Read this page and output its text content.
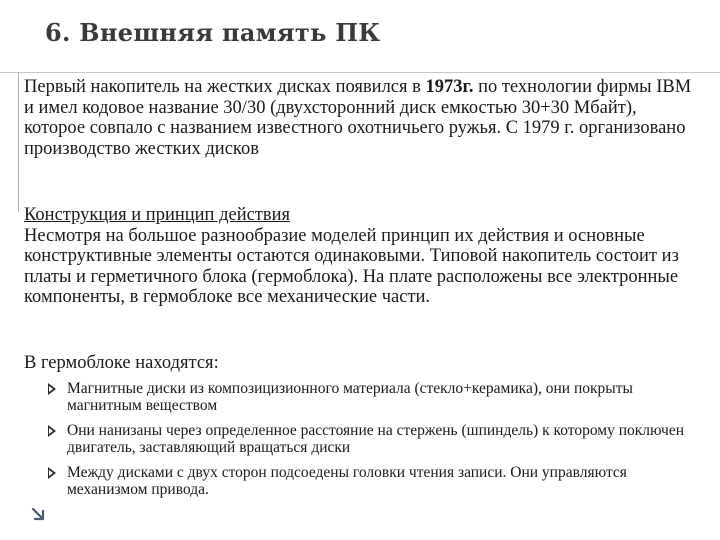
6. Внешняя память ПК

Первый накопитель на жестких дисках появился в 1973г. по технологии фирмы IBM и имел кодовое название 30/30 (двухсторонний диск емкостью 30+30 Мбайт), которое совпало с названием известного охотничьего ружья. С 1979 г. организовано производство жестких дисков

Конструкция и принцип действия
Несмотря на большое разнообразие моделей принцип их действия и основные конструктивные элементы остаются одинаковыми. Типовой накопитель состоит из платы и герметичного блока (гермоблока). На плате расположены все электронные компоненты, в гермоблоке все механические части.

В гермоблоке находятся:

Магнитные диски из композицизионного материала (стекло+керамика), они покрыты магнитным веществом
Они нанизаны через определенное расстояние на стержень (шпиндель) к которому поключен двигатель, заставляющий вращаться диски
Между дисками с двух сторон подсоедены головки чтения записи. Они управляются механизмом привода.
